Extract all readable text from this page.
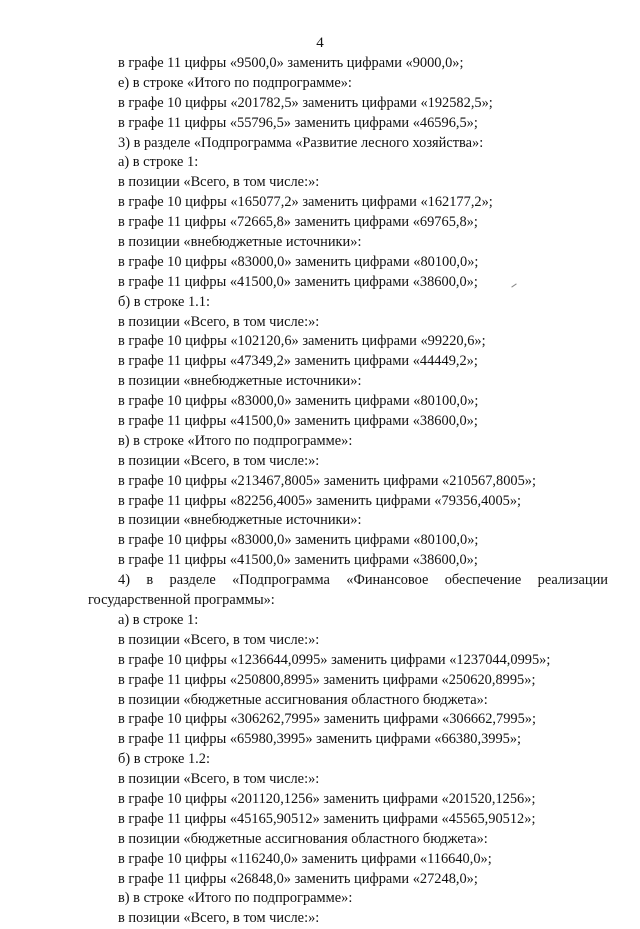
4
в графе 11 цифры «9500,0» заменить цифрами «9000,0»;
е) в строке «Итого по подпрограмме»:
в графе 10 цифры «201782,5» заменить цифрами «192582,5»;
в графе 11 цифры «55796,5» заменить цифрами «46596,5»;
3) в разделе «Подпрограмма «Развитие лесного хозяйства»:
а) в строке 1:
в позиции «Всего, в том числе:»:
в графе 10 цифры «165077,2» заменить цифрами «162177,2»;
в графе 11 цифры «72665,8» заменить цифрами «69765,8»;
в позиции «внебюджетные источники»:
в графе 10 цифры «83000,0» заменить цифрами «80100,0»;
в графе 11 цифры «41500,0» заменить цифрами «38600,0»;
б) в строке 1.1:
в позиции «Всего, в том числе:»:
в графе 10 цифры «102120,6» заменить цифрами «99220,6»;
в графе 11 цифры «47349,2» заменить цифрами «44449,2»;
в позиции «внебюджетные источники»:
в графе 10 цифры «83000,0» заменить цифрами «80100,0»;
в графе 11 цифры «41500,0» заменить цифрами «38600,0»;
в) в строке «Итого по подпрограмме»:
в позиции «Всего, в том числе:»:
в графе 10 цифры «213467,8005» заменить цифрами «210567,8005»;
в графе 11 цифры «82256,4005» заменить цифрами «79356,4005»;
в позиции «внебюджетные источники»:
в графе 10 цифры «83000,0» заменить цифрами «80100,0»;
в графе 11 цифры «41500,0» заменить цифрами «38600,0»;
4) в разделе «Подпрограмма «Финансовое обеспечение реализации
государственной программы»:
а) в строке 1:
в позиции «Всего, в том числе:»:
в графе 10 цифры «1236644,0995» заменить цифрами «1237044,0995»;
в графе 11 цифры «250800,8995» заменить цифрами «250620,8995»;
в позиции «бюджетные ассигнования областного бюджета»:
в графе 10 цифры «306262,7995» заменить цифрами «306662,7995»;
в графе 11 цифры «65980,3995» заменить цифрами «66380,3995»;
б) в строке 1.2:
в позиции «Всего, в том числе:»:
в графе 10 цифры «201120,1256» заменить цифрами «201520,1256»;
в графе 11 цифры «45165,90512» заменить цифрами «45565,90512»;
в позиции «бюджетные ассигнования областного бюджета»:
в графе 10 цифры «116240,0» заменить цифрами «116640,0»;
в графе 11 цифры «26848,0» заменить цифрами «27248,0»;
в) в строке «Итого по подпрограмме»:
в позиции «Всего, в том числе:»:
